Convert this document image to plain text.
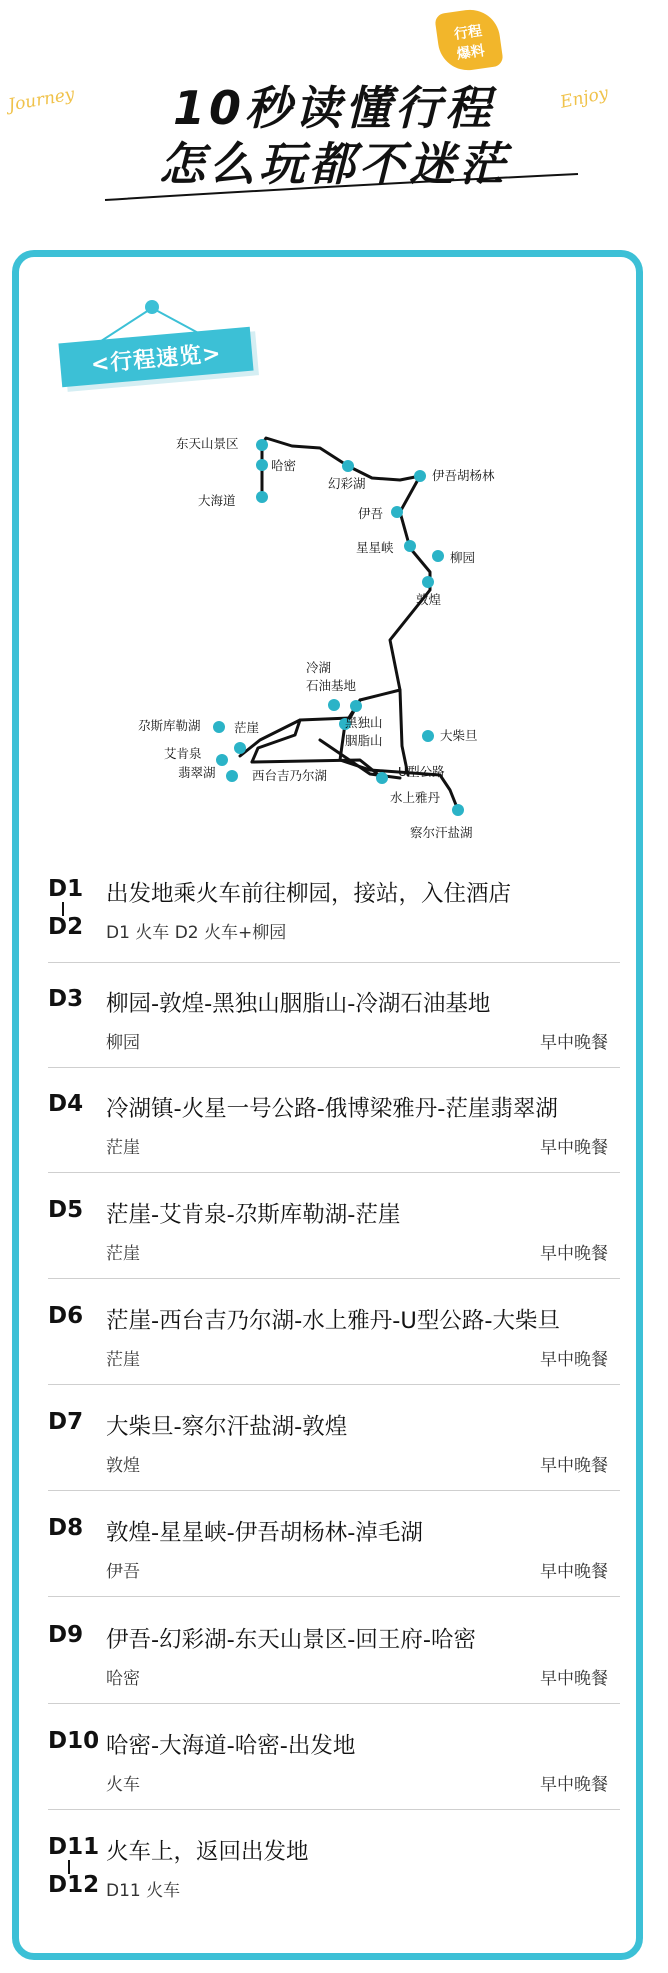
Journey	Enjoy
行程
爆料
10秒读懂行程
怎么玩都不迷茫
<行程速览>
东天山景区
哈密
大海道
幻彩湖
伊吾胡杨林
伊吾
星星峡
柳园
敦煌
冷湖
石油基地
尕斯库勒湖	茫崖
艾肯泉
翡翠湖
黑独山
胭脂山
西台吉乃尔湖
大柴旦
U型公路
水上雅丹
察尔汗盐湖
D1
D2
出发地乘火车前往柳园，接站，入住酒店
D1 火车 D2 火车+柳园
D3 柳园-敦煌-黑独山胭脂山-冷湖石油基地
柳园	早中晚餐
D4 冷湖镇-火星一号公路-俄博梁雅丹-茫崖翡翠湖
茫崖	早中晚餐
D5 茫崖-艾肯泉-尕斯库勒湖-茫崖
茫崖	早中晚餐
D6 茫崖-西台吉乃尔湖-水上雅丹-U型公路-大柴旦
茫崖	早中晚餐
D7 大柴旦-察尔汗盐湖-敦煌
敦煌	早中晚餐
D8 敦煌-星星峡-伊吾胡杨林-淖毛湖
伊吾	早中晚餐
D9 伊吾-幻彩湖-东天山景区-回王府-哈密
哈密	早中晚餐
D10 哈密-大海道-哈密-出发地
火车	早中晚餐
D11
D12
火车上，返回出发地
D11 火车
